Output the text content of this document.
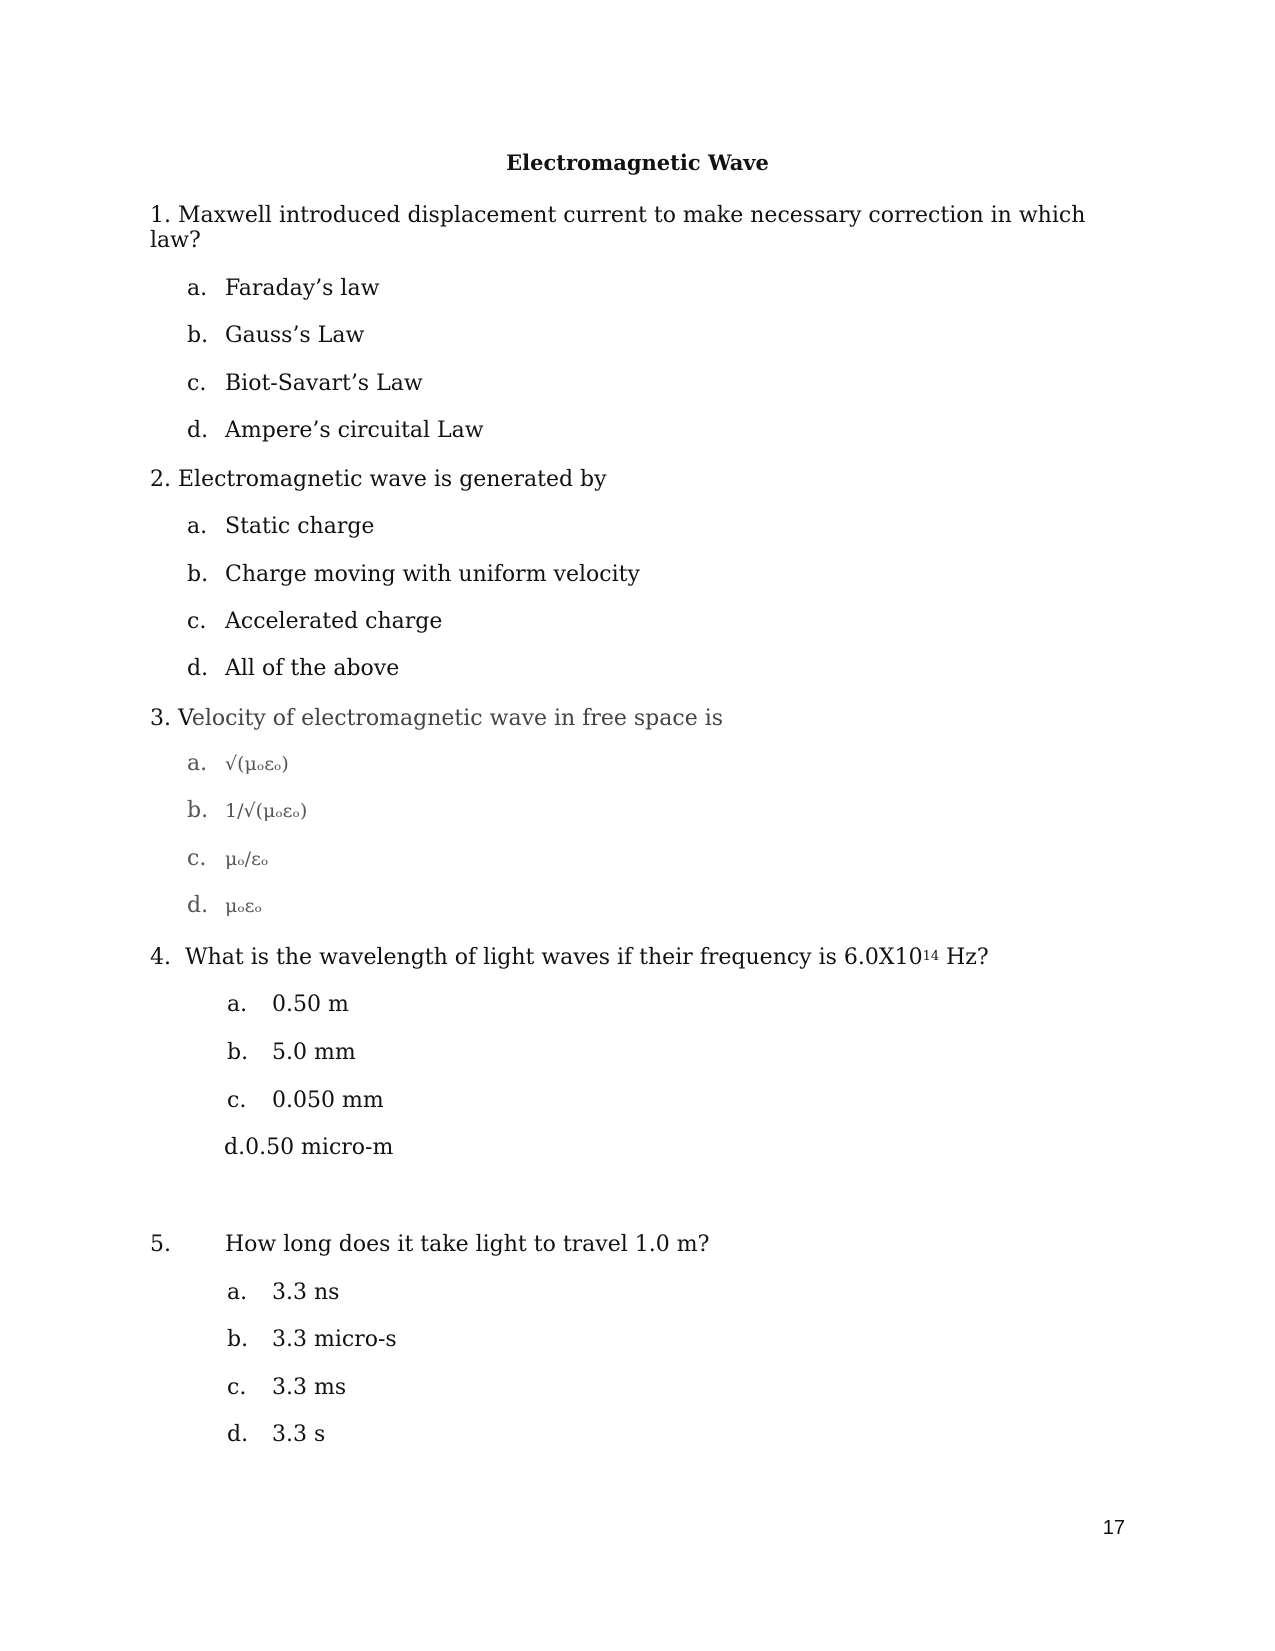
Electromagnetic Wave

1. Maxwell introduced displacement current to make necessary correction in which law?

a. Faraday’s law
b. Gauss’s Law
c. Biot-Savart’s Law
d. Ampere’s circuital Law

2. Electromagnetic wave is generated by

a. Static charge
b. Charge moving with uniform velocity
c. Accelerated charge
d. All of the above

3. Velocity of electromagnetic wave in free space is

a. √(μₒεₒ)
b. 1/√(μₒεₒ)
c. μₒ/εₒ
d. μₒεₒ

4. What is the wavelength of light waves if their frequency is $6.0X10^{14}$ Hz?

a. 0.50 m
b. 5.0 mm
c. 0.050 mm
d.0.50 micro-m

5. How long does it take light to travel 1.0 m?

a. 3.3 ns
b. 3.3 micro-s
c. 3.3 ms
d. 3.3 s
17
